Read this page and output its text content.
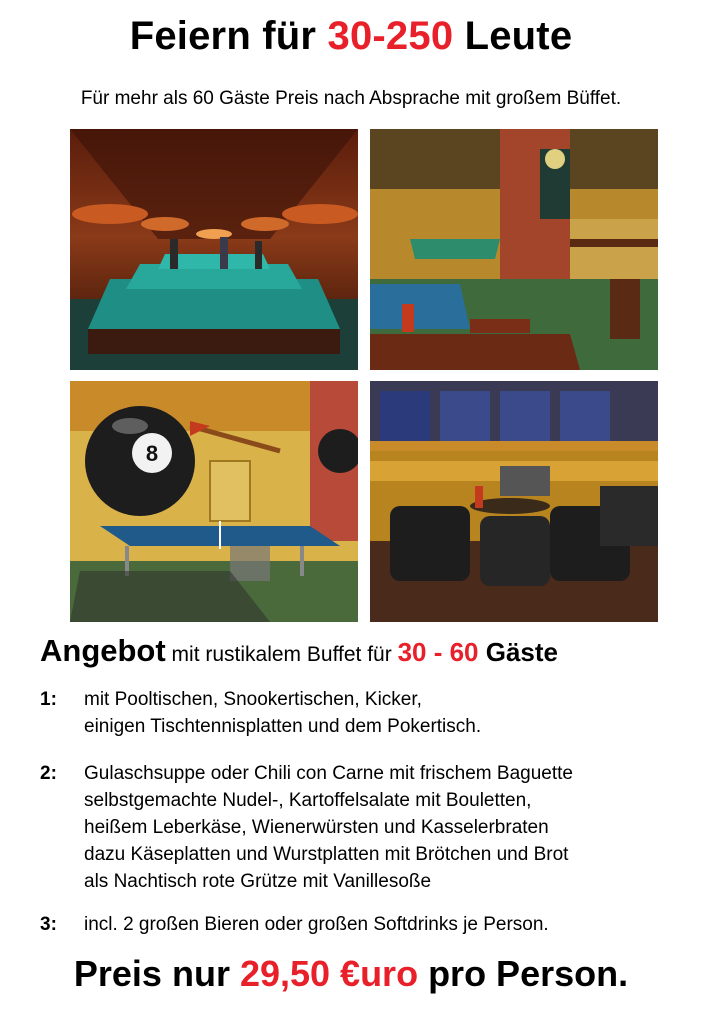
Feiern für 30-250 Leute
Für mehr als 60 Gäste Preis nach Absprache mit großem Büffet.
8
Angebot mit rustikalem Buffet für 30 - 60 Gäste
1:	mit Pooltischen, Snookertischen, Kicker,
einigen Tischtennisplatten und dem Pokertisch.
2:	Gulaschsuppe oder Chili con Carne mit frischem Baguette
selbstgemachte Nudel-, Kartoffelsalate mit Bouletten,
heißem Leberkäse, Wienerwürsten und Kasselerbraten
dazu Käseplatten und Wurstplatten mit Brötchen und Brot
als Nachtisch rote Grütze mit Vanillesoße
3:	incl. 2 großen Bieren oder großen Softdrinks je Person.
Preis nur 29,50 €uro pro Person.
